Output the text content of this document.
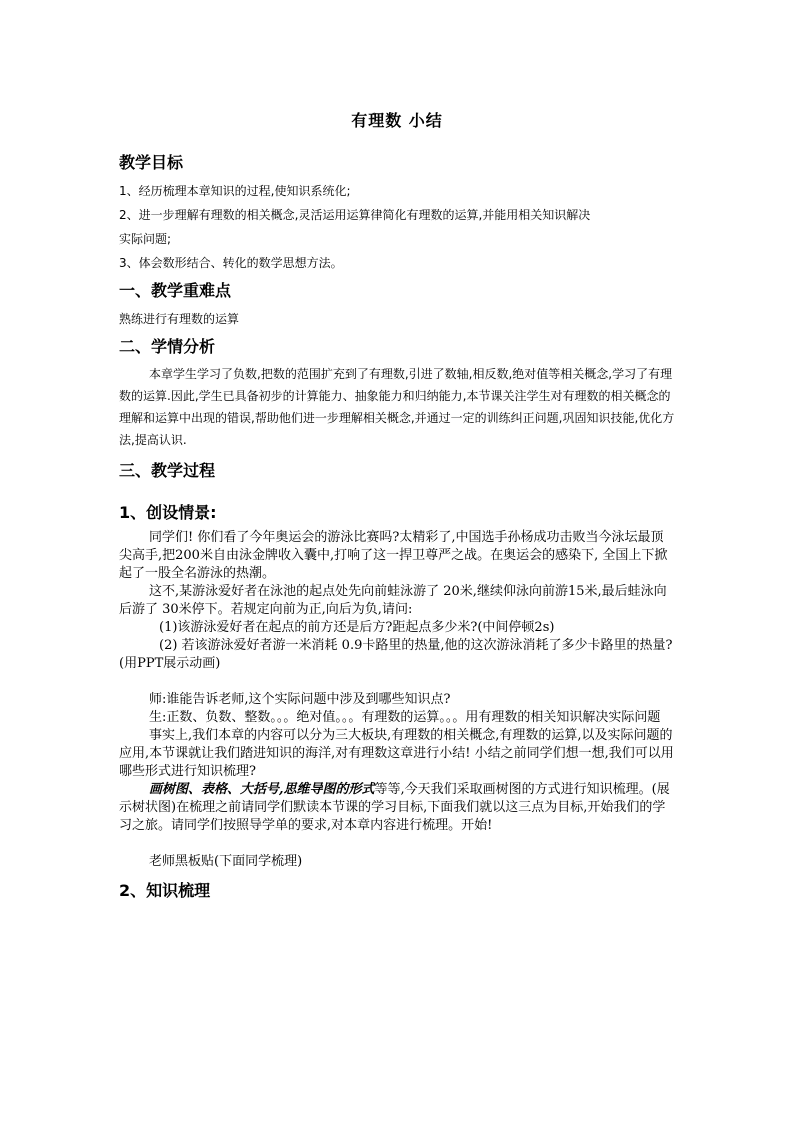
有理数 小结
教学目标

1、经历梳理本章知识的过程,使知识系统化;

2、进一步理解有理数的相关概念,灵活运用运算律简化有理数的运算,并能用相关知识解决

实际问题;

3、体会数形结合、转化的数学思想方法。

一、教学重难点

熟练进行有理数的运算

二、学情分析

本章学生学习了负数,把数的范围扩充到了有理数,引进了数轴,相反数,绝对值等相关概念,学习了有理数的运算.因此,学生已具备初步的计算能力、抽象能力和归纳能力,本节课关注学生对有理数的相关概念的理解和运算中出现的错误,帮助他们进一步理解相关概念,并通过一定的训练纠正问题,巩固知识技能,优化方法,提高认识.

三、教学过程
1、创设情景:

同学们! 你们看了今年奥运会的游泳比赛吗?太精彩了,中国选手孙杨成功击败当今泳坛最顶尖高手,把200米自由泳金牌收入囊中,打响了这一捍卫尊严之战。在奥运会的感染下, 全国上下掀起了一股全名游泳的热潮。

这不,某游泳爱好者在泳池的起点处先向前蛙泳游了 20米,继续仰泳向前游15米,最后蛙泳向后游了 30米停下。若规定向前为正,向后为负,请问:

(1)该游泳爱好者在起点的前方还是后方?距起点多少米?(中间停顿2s)

(2) 若该游泳爱好者游一米消耗 0.9卡路里的热量,他的这次游泳消耗了多少卡路里的热量?(用PPT展示动画)

师:谁能告诉老师,这个实际问题中涉及到哪些知识点?

生:正数、负数、整数。。。绝对值。。。有理数的运算。。。用有理数的相关知识解决实际问题

事实上,我们本章的内容可以分为三大板块,有理数的相关概念,有理数的运算,以及实际问题的应用,本节课就让我们踏进知识的海洋,对有理数这章进行小结! 小结之前同学们想一想,我们可以用哪些形式进行知识梳理?

画树图、表格、大括号,思维导图的形式等等,今天我们采取画树图的方式进行知识梳理。(展示树状图)在梳理之前请同学们默读本节课的学习目标,下面我们就以这三点为目标,开始我们的学习之旅。请同学们按照导学单的要求,对本章内容进行梳理。开始!

老师黑板贴(下面同学梳理)

2、知识梳理
